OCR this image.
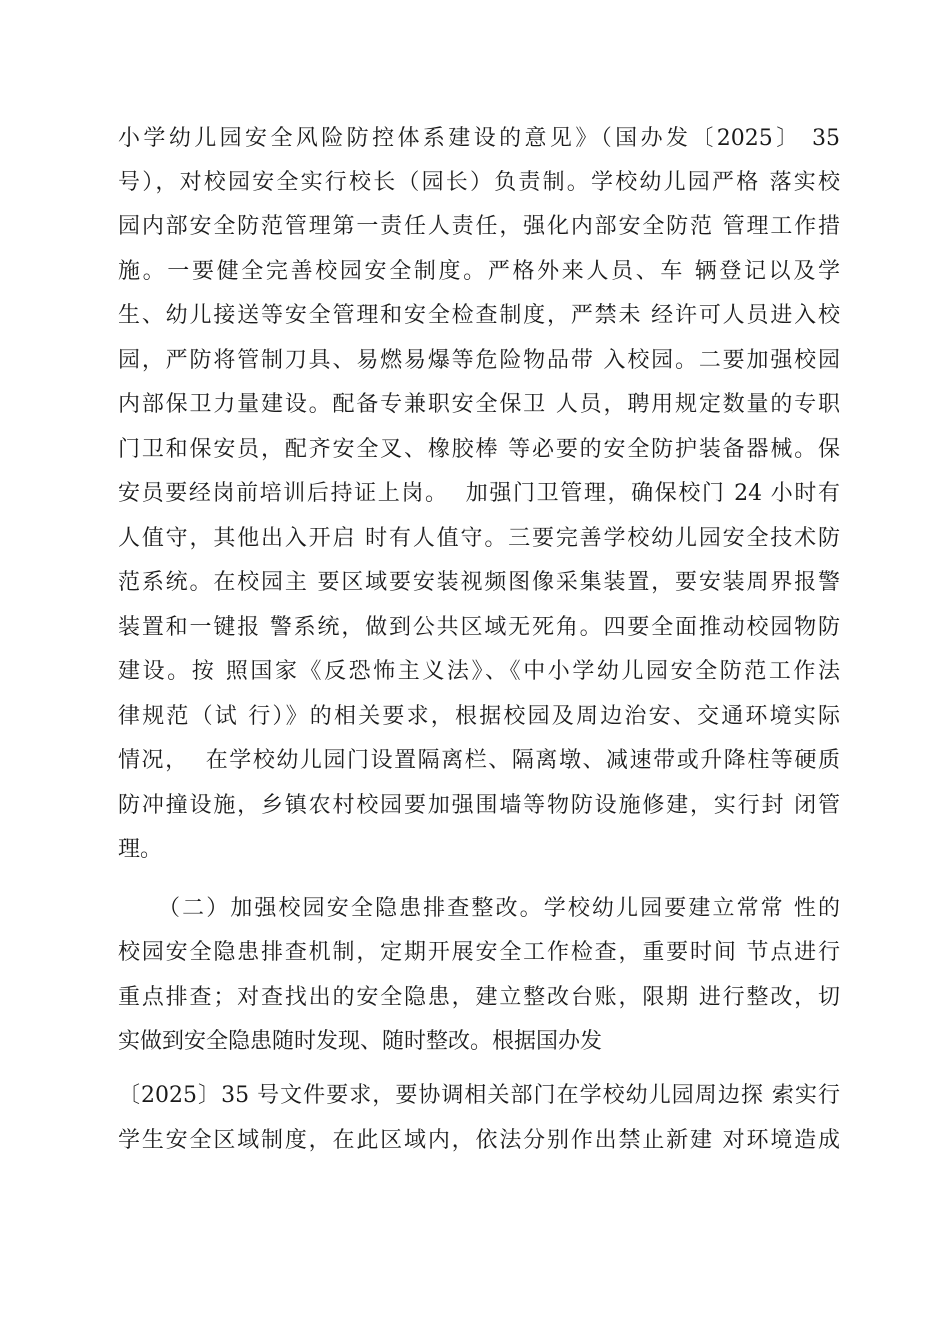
小学幼儿园安全风险防控体系建设的意见》（国办发〔2025〕 35
号），对校园安全实行校长（园长）负责制。学校幼儿园严格 落实校
园内部安全防范管理第一责任人责任，强化内部安全防范 管理工作措
施。一要健全完善校园安全制度。严格外来人员、车 辆登记以及学
生、幼儿接送等安全管理和安全检查制度，严禁未 经许可人员进入校
园，严防将管制刀具、易燃易爆等危险物品带 入校园。二要加强校园
内部保卫力量建设。配备专兼职安全保卫 人员，聘用规定数量的专职
门卫和保安员，配齐安全叉、橡胶棒 等必要的安全防护装备器械。保
安员要经岗前培训后持证上岗。  加强门卫管理，确保校门 24 小时有
人值守，其他出入开启 时有人值守。三要完善学校幼儿园安全技术防
范系统。在校园主 要区域要安装视频图像采集装置，要安装周界报警
装置和一键报 警系统，做到公共区域无死角。四要全面推动校园物防
建设。按 照国家《反恐怖主义法》、《中小学幼儿园安全防范工作法
律规范（试 行）》的相关要求，根据校园及周边治安、交通环境实际
情况，  在学校幼儿园门设置隔离栏、隔离墩、减速带或升降柱等硬质
防冲撞设施，乡镇农村校园要加强围墙等物防设施修建，实行封 闭管
理。
（二）加强校园安全隐患排查整改。学校幼儿园要建立常常 性的
校园安全隐患排查机制，定期开展安全工作检查，重要时间 节点进行
重点排查；对查找出的安全隐患，建立整改台账，限期 进行整改，切
实做到安全隐患随时发现、随时整改。根据国办发
〔2025〕35 号文件要求，要协调相关部门在学校幼儿园周边探 索实行
学生安全区域制度，在此区域内，依法分别作出禁止新建 对环境造成
